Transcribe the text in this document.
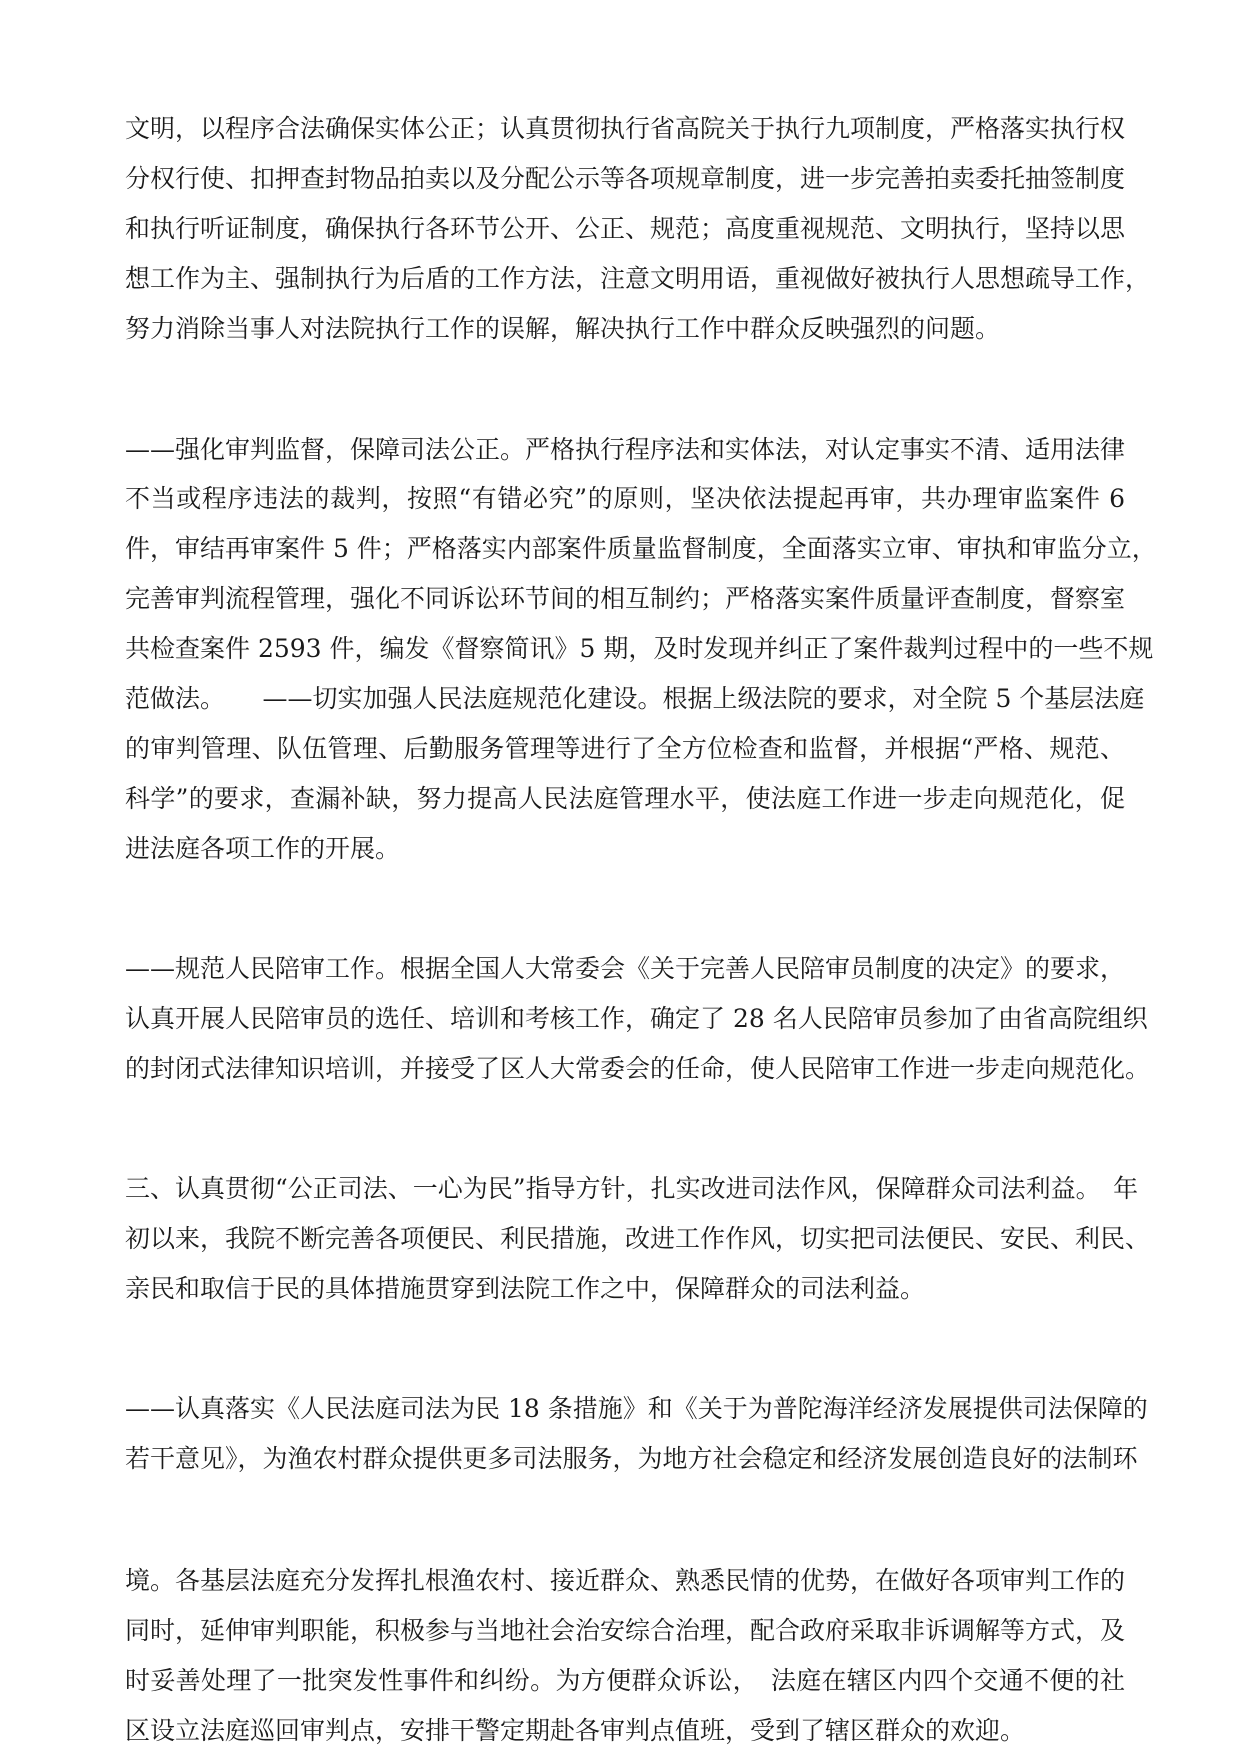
文明，以程序合法确保实体公正；认真贯彻执行省高院关于执行九项制度，严格落实执行权
分权行使、扣押查封物品拍卖以及分配公示等各项规章制度，进一步完善拍卖委托抽签制度
和执行听证制度，确保执行各环节公开、公正、规范；高度重视规范、文明执行，坚持以思
想工作为主、强制执行为后盾的工作方法，注意文明用语，重视做好被执行人思想疏导工作，
努力消除当事人对法院执行工作的误解，解决执行工作中群众反映强烈的问题。
——强化审判监督，保障司法公正。严格执行程序法和实体法，对认定事实不清、适用法律
不当或程序违法的裁判，按照“有错必究”的原则，坚决依法提起再审，共办理审监案件 6
件，审结再审案件 5 件；严格落实内部案件质量监督制度，全面落实立审、审执和审监分立，
完善审判流程管理，强化不同诉讼环节间的相互制约；严格落实案件质量评查制度，督察室
共检查案件 2593 件，编发《督察简讯》5 期，及时发现并纠正了案件裁判过程中的一些不规
范做法。　　——切实加强人民法庭规范化建设。根据上级法院的要求，对全院 5 个基层法庭
的审判管理、队伍管理、后勤服务管理等进行了全方位检查和监督，并根据“严格、规范、
科学”的要求，查漏补缺，努力提高人民法庭管理水平，使法庭工作进一步走向规范化，促
进法庭各项工作的开展。
——规范人民陪审工作。根据全国人大常委会《关于完善人民陪审员制度的决定》的要求，
认真开展人民陪审员的选任、培训和考核工作，确定了 28 名人民陪审员参加了由省高院组织
的封闭式法律知识培训，并接受了区人大常委会的任命，使人民陪审工作进一步走向规范化。
三、认真贯彻“公正司法、一心为民”指导方针，扎实改进司法作风，保障群众司法利益。　年
初以来，我院不断完善各项便民、利民措施，改进工作作风，切实把司法便民、安民、利民、
亲民和取信于民的具体措施贯穿到法院工作之中，保障群众的司法利益。
——认真落实《人民法庭司法为民 18 条措施》和《关于为普陀海洋经济发展提供司法保障的
若干意见》，为渔农村群众提供更多司法服务，为地方社会稳定和经济发展创造良好的法制环
境。各基层法庭充分发挥扎根渔农村、接近群众、熟悉民情的优势，在做好各项审判工作的
同时，延伸审判职能，积极参与当地社会治安综合治理，配合政府采取非诉调解等方式，及
时妥善处理了一批突发性事件和纠纷。为方便群众诉讼，　法庭在辖区内四个交通不便的社
区设立法庭巡回审判点，安排干警定期赴各审判点值班，受到了辖区群众的欢迎。
